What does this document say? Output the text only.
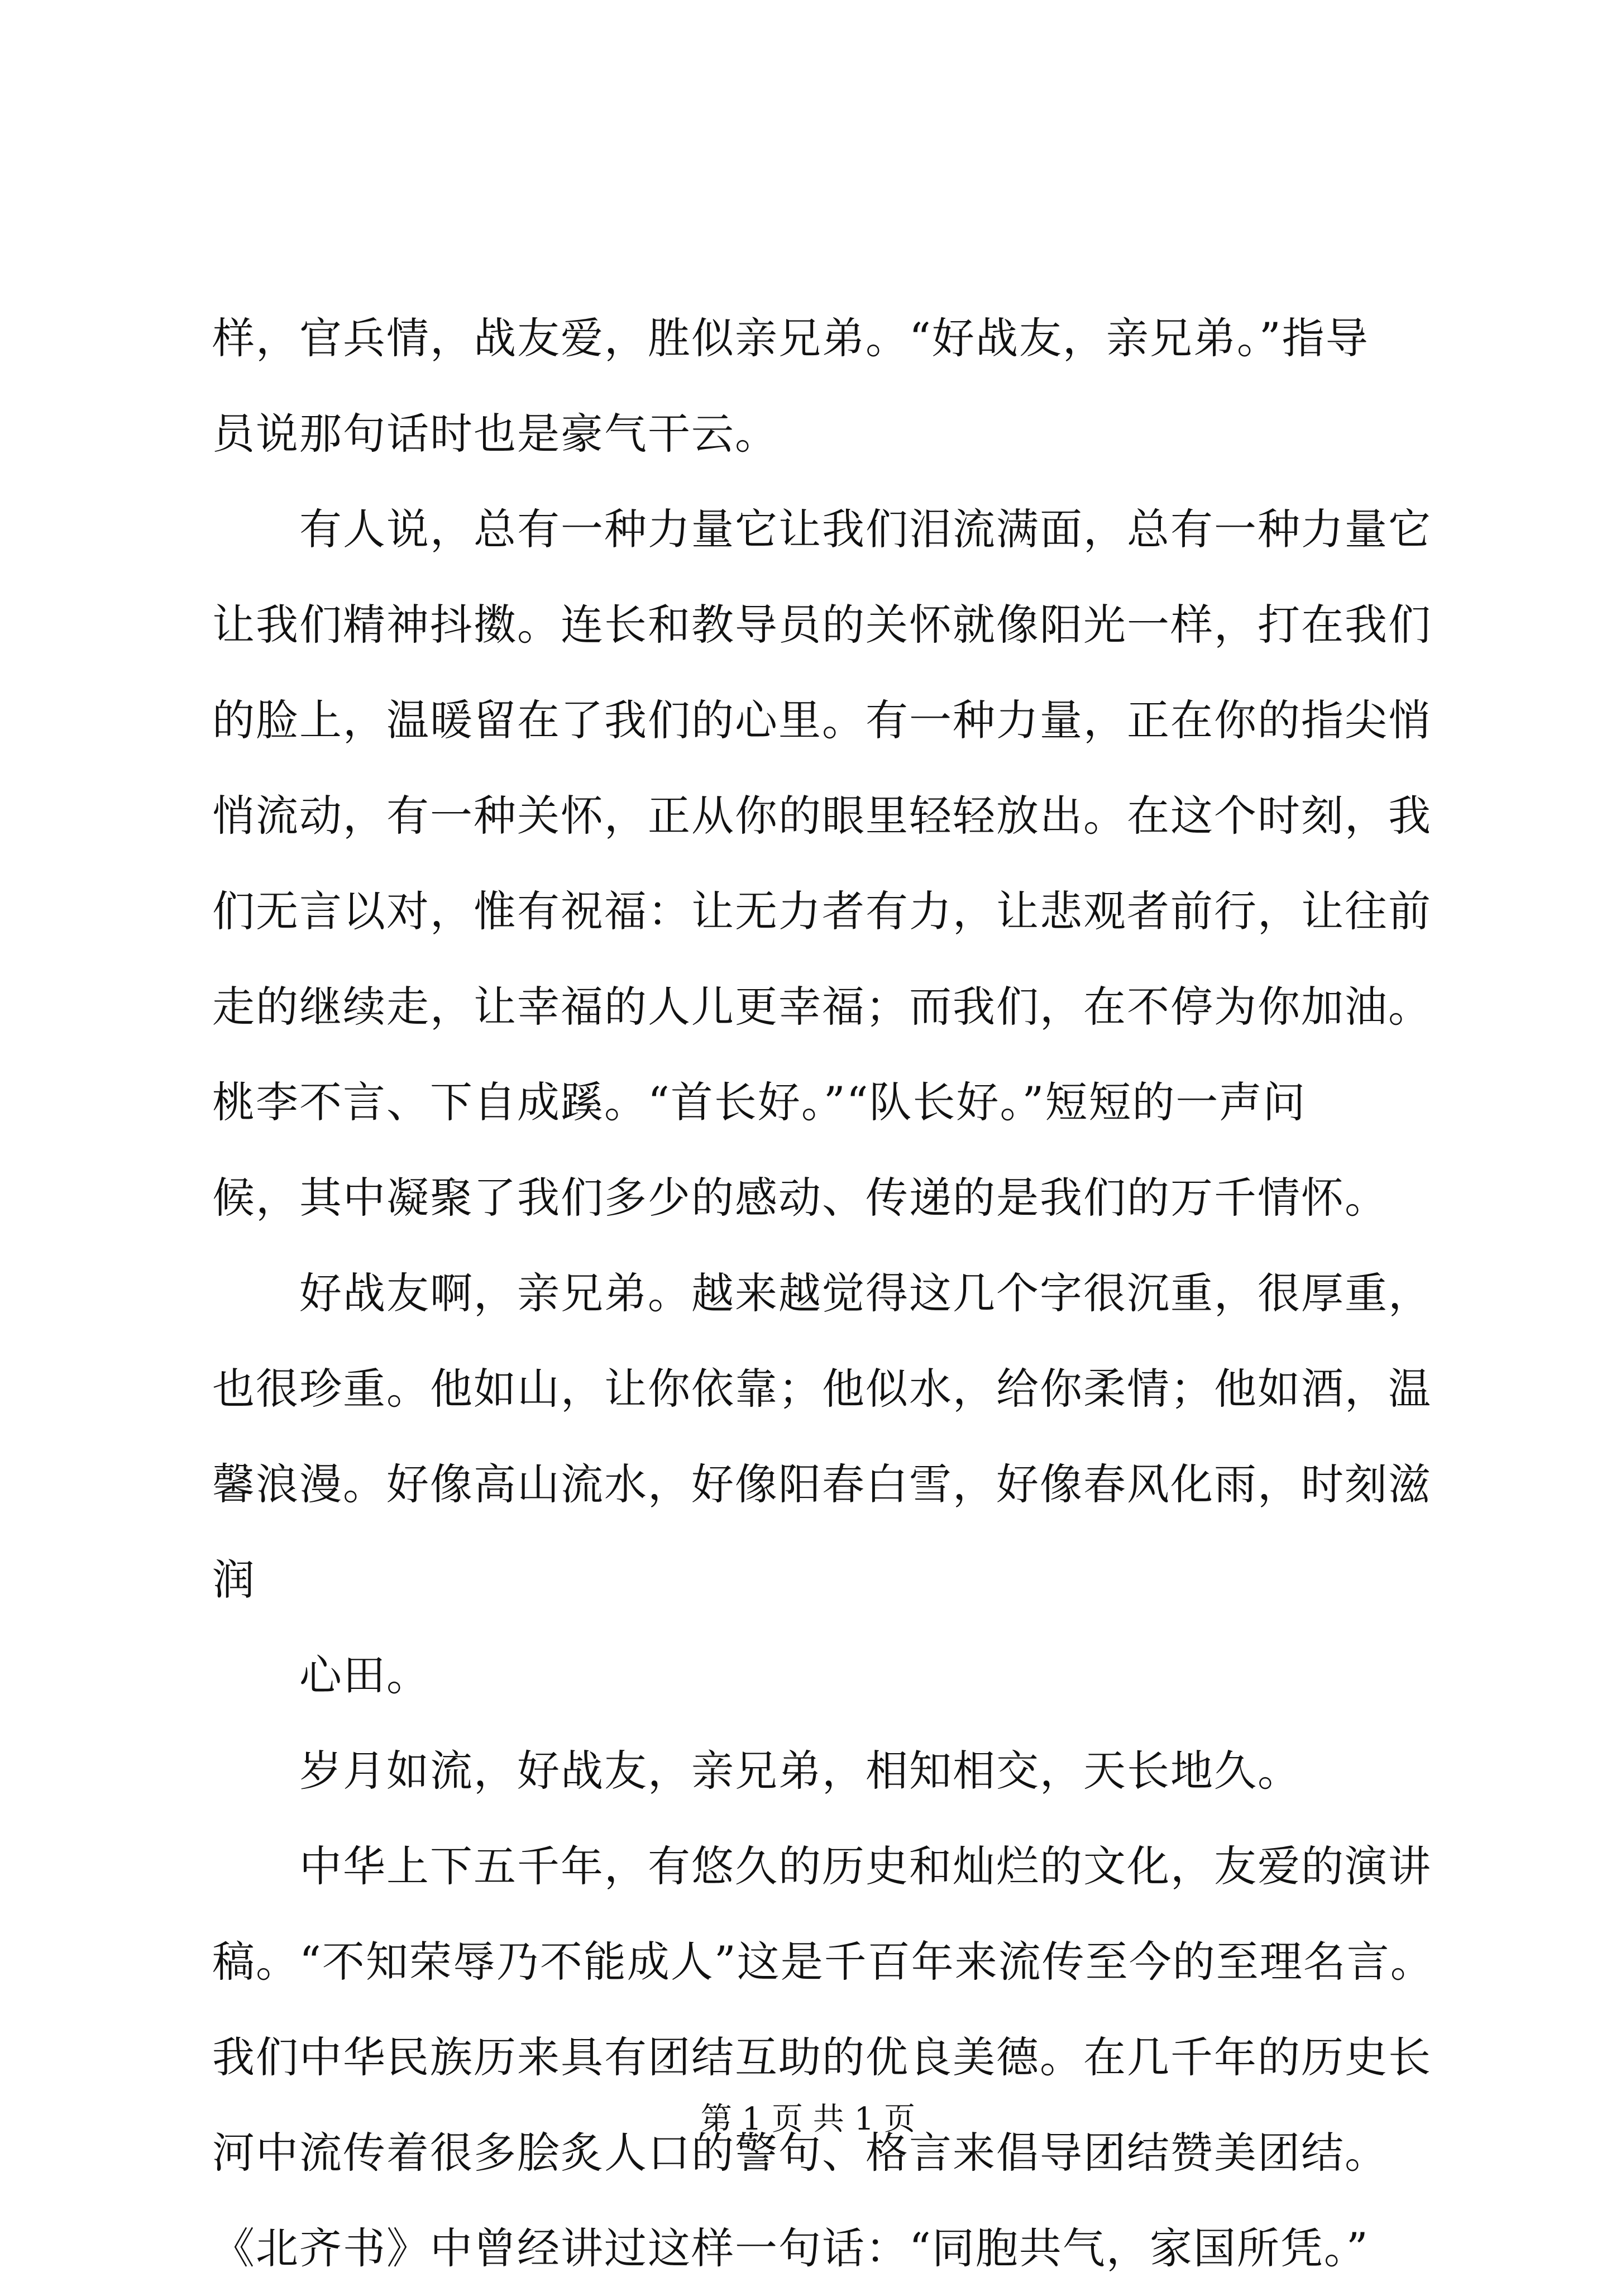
样，官兵情，战友爱，胜似亲兄弟。“好战友，亲兄弟。”指导
员说那句话时也是豪气干云。
有人说，总有一种力量它让我们泪流满面，总有一种力量它
让我们精神抖擞。连长和教导员的关怀就像阳光一样，打在我们
的脸上，温暖留在了我们的心里。有一种力量，正在你的指尖悄
悄流动，有一种关怀，正从你的眼里轻轻放出。在这个时刻，我
们无言以对，惟有祝福：让无力者有力，让悲观者前行，让往前
走的继续走，让幸福的人儿更幸福；而我们，在不停为你加油。
桃李不言、下自成蹊。“首长好。”“队长好。”短短的一声问
候，其中凝聚了我们多少的感动、传递的是我们的万千情怀。
好战友啊，亲兄弟。越来越觉得这几个字很沉重，很厚重，
也很珍重。他如山，让你依靠；他似水，给你柔情；他如酒，温
馨浪漫。好像高山流水，好像阳春白雪，好像春风化雨，时刻滋
润
心田。
岁月如流，好战友，亲兄弟，相知相交，天长地久。
中华上下五千年，有悠久的历史和灿烂的文化，友爱的演讲
稿。“不知荣辱乃不能成人”这是千百年来流传至今的至理名言。
我们中华民族历来具有团结互助的优良美德。在几千年的历史长
河中流传着很多脍炙人口的警句、格言来倡导团结赞美团结。
《北齐书》中曾经讲过这样一句话：“同胞共气，家国所凭。”
第 1 页 共 1 页
